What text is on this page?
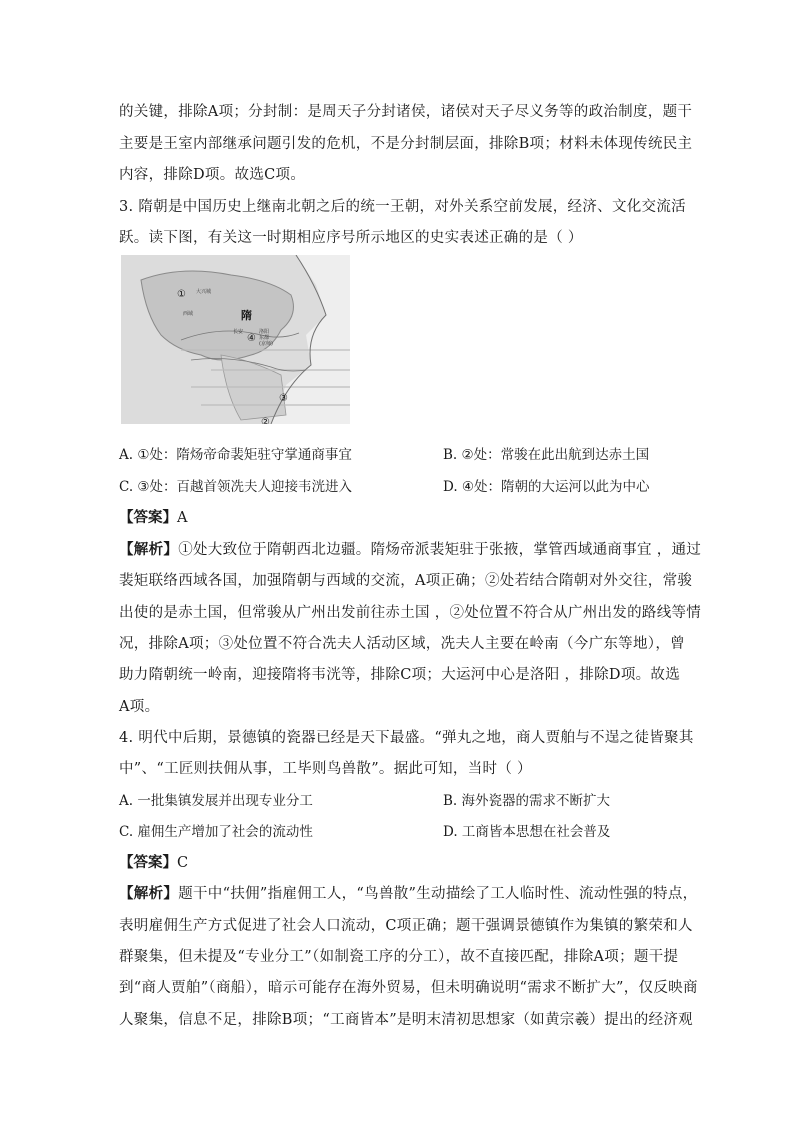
的关键，排除A项；分封制：是周天子分封诸侯，诸侯对天子尽义务等的政治制度，题干
主要是王室内部继承问题引发的危机，不是分封制层面，排除B项；材料未体现传统民主
内容，排除D项。故选C项。
3. 隋朝是中国历史上继南北朝之后的统一王朝，对外关系空前发展，经济、文化交流活
跃。读下图，有关这一时期相应序号所示地区的史实表述正确的是（ ）
①
隋
④
③
②
大兴城
西域
长安	洛阳
东都
(京师)
A. ①处：隋炀帝命裴矩驻守掌通商事宜	B. ②处：常骏在此出航到达赤土国
C. ③处：百越首领冼夫人迎接韦洸进入	D. ④处：隋朝的大运河以此为中心
【答案】A
【解析】①处大致位于隋朝西北边疆。隋炀帝派裴矩驻于张掖，掌管西域通商事宜 ，通过
裴矩联络西域各国，加强隋朝与西域的交流，A项正确；②处若结合隋朝对外交往，常骏
出使的是赤土国，但常骏从广州出发前往赤土国 ，②处位置不符合从广州出发的路线等情
况，排除A项；③处位置不符合冼夫人活动区域，冼夫人主要在岭南（今广东等地），曾
助力隋朝统一岭南，迎接隋将韦洸等，排除C项；大运河中心是洛阳 ，排除D项。故选
A项。
4. 明代中后期，景德镇的瓷器已经是天下最盛。“弹丸之地，商人贾舶与不逞之徒皆聚其
中”、“工匠则扶佣从事，工毕则鸟兽散”。据此可知，当时（ ）
A. 一批集镇发展并出现专业分工	B. 海外瓷器的需求不断扩大
C. 雇佣生产增加了社会的流动性	D. 工商皆本思想在社会普及
【答案】C
【解析】题干中“扶佣”指雇佣工人，“鸟兽散”生动描绘了工人临时性、流动性强的特点，
表明雇佣生产方式促进了社会人口流动，C项正确；题干强调景德镇作为集镇的繁荣和人
群聚集，但未提及“专业分工”（如制瓷工序的分工），故不直接匹配，排除A项；题干提
到“商人贾舶”（商船），暗示可能存在海外贸易，但未明确说明“需求不断扩大”，仅反映商
人聚集，信息不足，排除B项；“工商皆本”是明末清初思想家（如黄宗羲）提出的经济观
